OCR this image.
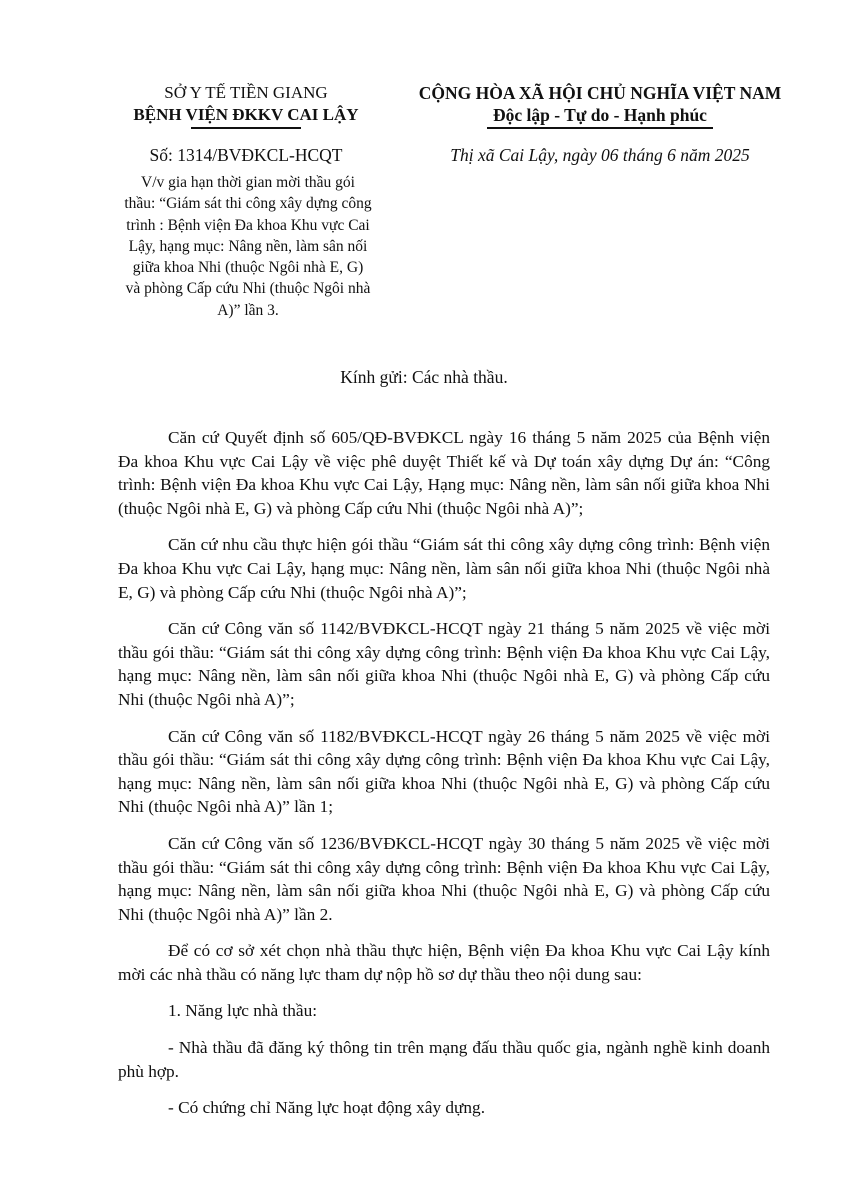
SỞ Y TẾ TIỀN GIANG
BỆNH VIỆN ĐKKV CAI LẬY
CỘNG HÒA XÃ HỘI CHỦ NGHĨA VIỆT NAM
Độc lập - Tự do - Hạnh phúc
Số: 1314/BVĐKCL-HCQT	Thị xã Cai Lậy, ngày 06 tháng 6 năm 2025
V/v gia hạn thời gian mời thầu gói thầu: “Giám sát thi công xây dựng công trình : Bệnh viện Đa khoa Khu vực Cai Lậy, hạng mục: Nâng nền, làm sân nối giữa khoa Nhi (thuộc Ngôi nhà E, G) và phòng Cấp cứu Nhi (thuộc Ngôi nhà A)” lần 3.
Kính gửi: Các nhà thầu.

Căn cứ Quyết định số 605/QĐ-BVĐKCL ngày 16 tháng 5 năm 2025 của Bệnh viện Đa khoa Khu vực Cai Lậy về việc phê duyệt Thiết kế và Dự toán xây dựng Dự án: “Công trình: Bệnh viện Đa khoa Khu vực Cai Lậy, Hạng mục: Nâng nền, làm sân nối giữa khoa Nhi (thuộc Ngôi nhà E, G) và phòng Cấp cứu Nhi (thuộc Ngôi nhà A)”;

Căn cứ nhu cầu thực hiện gói thầu “Giám sát thi công xây dựng công trình: Bệnh viện Đa khoa Khu vực Cai Lậy, hạng mục: Nâng nền, làm sân nối giữa khoa Nhi (thuộc Ngôi nhà E, G) và phòng Cấp cứu Nhi (thuộc Ngôi nhà A)”;

Căn cứ Công văn số 1142/BVĐKCL-HCQT ngày 21 tháng 5 năm 2025 về việc mời thầu gói thầu: “Giám sát thi công xây dựng công trình: Bệnh viện Đa khoa Khu vực Cai Lậy, hạng mục: Nâng nền, làm sân nối giữa khoa Nhi (thuộc Ngôi nhà E, G) và phòng Cấp cứu Nhi (thuộc Ngôi nhà A)”;

Căn cứ Công văn số 1182/BVĐKCL-HCQT ngày 26 tháng 5 năm 2025 về việc mời thầu gói thầu: “Giám sát thi công xây dựng công trình: Bệnh viện Đa khoa Khu vực Cai Lậy, hạng mục: Nâng nền, làm sân nối giữa khoa Nhi (thuộc Ngôi nhà E, G) và phòng Cấp cứu Nhi (thuộc Ngôi nhà A)” lần 1;

Căn cứ Công văn số 1236/BVĐKCL-HCQT ngày 30 tháng 5 năm 2025 về việc mời thầu gói thầu: “Giám sát thi công xây dựng công trình: Bệnh viện Đa khoa Khu vực Cai Lậy, hạng mục: Nâng nền, làm sân nối giữa khoa Nhi (thuộc Ngôi nhà E, G) và phòng Cấp cứu Nhi (thuộc Ngôi nhà A)” lần 2.

Để có cơ sở xét chọn nhà thầu thực hiện, Bệnh viện Đa khoa Khu vực Cai Lậy kính mời các nhà thầu có năng lực tham dự nộp hồ sơ dự thầu theo nội dung sau:

1. Năng lực nhà thầu:

- Nhà thầu đã đăng ký thông tin trên mạng đấu thầu quốc gia, ngành nghề kinh doanh phù hợp.

- Có chứng chỉ Năng lực hoạt động xây dựng.
